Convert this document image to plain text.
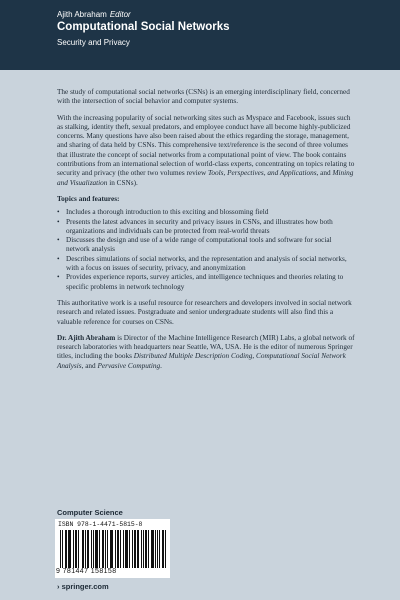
Ajith Abraham Editor
Computational Social Networks
Security and Privacy

The study of computational social networks (CSNs) is an emerging interdisciplinary field, concerned with the intersection of social behavior and computer systems.

With the increasing popularity of social networking sites such as Myspace and Facebook, issues such as stalking, identity theft, sexual predators, and employee conduct have all become highly-publicized concerns. Many questions have also been raised about the ethics regarding the storage, management, and sharing of data held by CSNs. This comprehensive text/reference is the second of three volumes that illustrate the concept of social networks from a computational point of view. The book contains contributions from an international selection of world-class experts, concentrating on topics relating to security and privacy (the other two volumes review Tools, Perspectives, and Applications, and Mining and Visualization in CSNs).

Topics and features:
• Includes a thorough introduction to this exciting and blossoming field
• Presents the latest advances in security and privacy issues in CSNs, and illustrates how both organizations and individuals can be protected from real-world threats
• Discusses the design and use of a wide range of computational tools and software for social network analysis
• Describes simulations of social networks, and the representation and analysis of social networks, with a focus on issues of security, privacy, and anonymization
• Provides experience reports, survey articles, and intelligence techniques and theories relating to specific problems in network technology

This authoritative work is a useful resource for researchers and developers involved in social network research and related issues. Postgraduate and senior undergraduate students will also find this a valuable reference for courses on CSNs.

Dr. Ajith Abraham is Director of the Machine Intelligence Research (MIR) Labs, a global network of research laboratories with headquarters near Seattle, WA, USA. He is the editor of numerous Springer titles, including the books Distributed Multiple Description Coding, Computational Social Network Analysis, and Pervasive Computing.

Computer Science
ISBN 978-1-4471-5815-8
9 781447 158158
› springer.com
